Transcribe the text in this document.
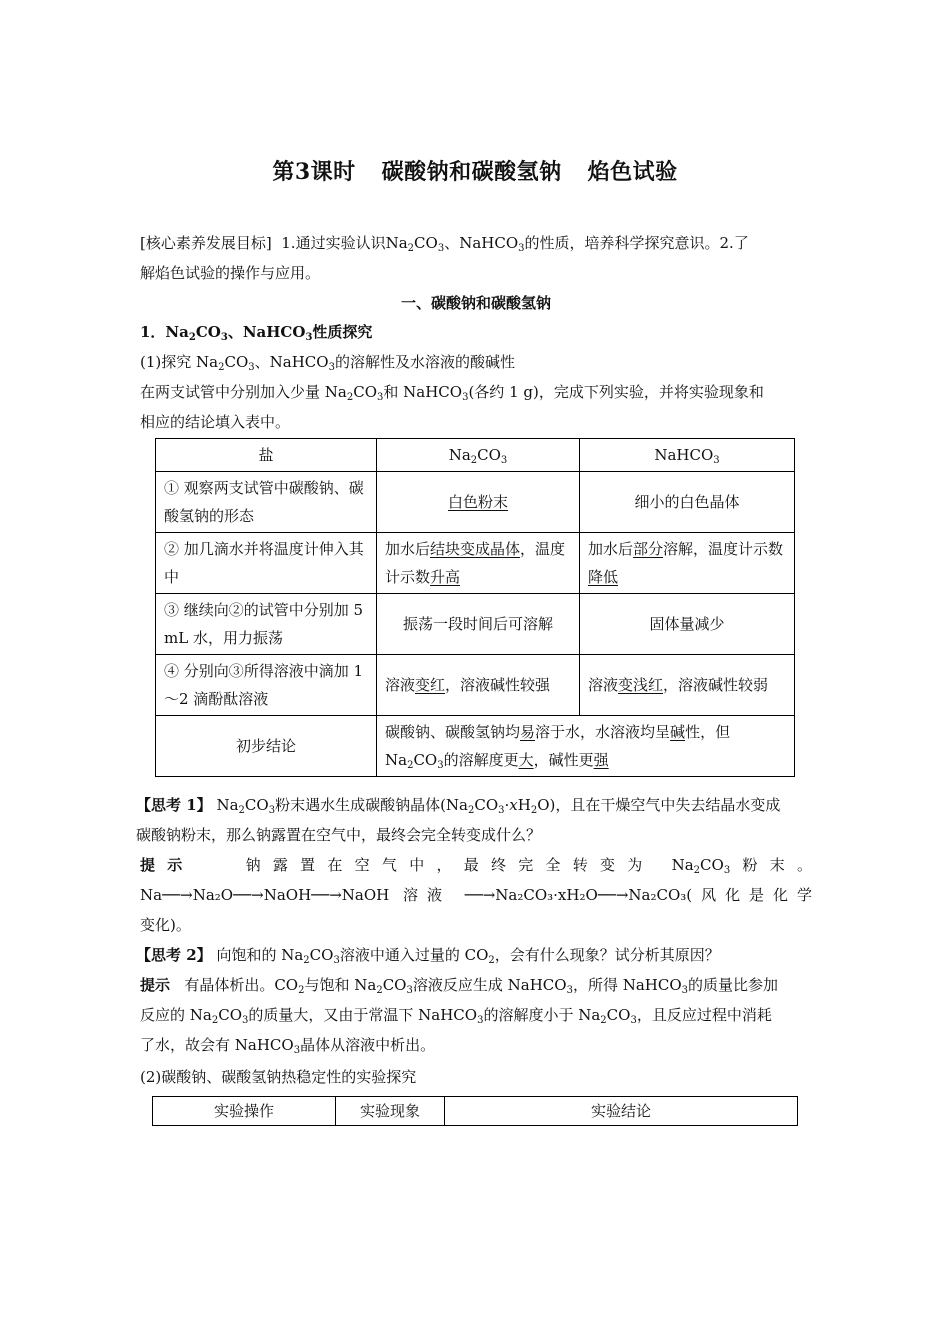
第3课时 碳酸钠和碳酸氢钠 焰色试验
[核心素养发展目标] 1.通过实验认识$Na_2CO_3$、NaHCO$_3$的性质，培养科学探究意识。2.了
解焰色试验的操作与应用。
一、碳酸钠和碳酸氢钠
1．$Na_2CO_3$、NaHCO$_3$性质探究
(1)探究 $Na_2CO_3$、NaHCO$_3$的溶解性及水溶液的酸碱性
在两支试管中分别加入少量 $Na_2CO_3$和 NaHCO$_3$(各约 1 g)，完成下列实验，并将实验现象和
相应的结论填入表中。
盐	$Na_2CO_3$	NaHCO$_3$
① 观察两支试管中碳酸钠、碳酸氢钠的形态	白色粉末	细小的白色晶体
② 加几滴水并将温度计伸入其中	加水后结块变成晶体，温度计示数升高	加水后部分溶解，温度计示数降低
③ 继续向②的试管中分别加 5 mL 水，用力振荡	振荡一段时间后可溶解	固体量减少
④ 分别向③所得溶液中滴加 1～2 滴酚酞溶液	溶液变红，溶液碱性较强	溶液变浅红，溶液碱性较弱
初步结论	碳酸钠、碳酸氢钠均易溶于水，水溶液均呈碱性，但
$Na_2CO_3$的溶解度更大，碱性更强	
【思考 1】 $Na_2CO_3$粉末遇水生成碳酸钠晶体$(Na_2CO_3\cdot xH_2O)$，且在干燥空气中失去结晶水变成
碳酸钠粉末，那么钠露置在空气中，最终会完全转变成什么？
提示	钠露置在空气中，最终完全转变为 $Na_2CO_3$粉末。
Na──→Na₂O──→NaOH──→NaOH 溶液 ──→Na₂CO₃·xH₂O──→Na₂CO₃(风化是化学
变化)。
【思考 2】 向饱和的 $Na_2CO_3$溶液中通入过量的 $CO_2$，会有什么现象？试分析其原因？
提示 有晶体析出。$CO_2$与饱和 $Na_2CO_3$溶液反应生成 NaHCO$_3$，所得 NaHCO$_3$的质量比参加
反应的 $Na_2CO_3$的质量大，又由于常温下 NaHCO$_3$的溶解度小于 $Na_2CO_3$，且反应过程中消耗
了水，故会有 NaHCO$_3$晶体从溶液中析出。
(2)碳酸钠、碳酸氢钠热稳定性的实验探究
实验操作	实验现象	实验结论
